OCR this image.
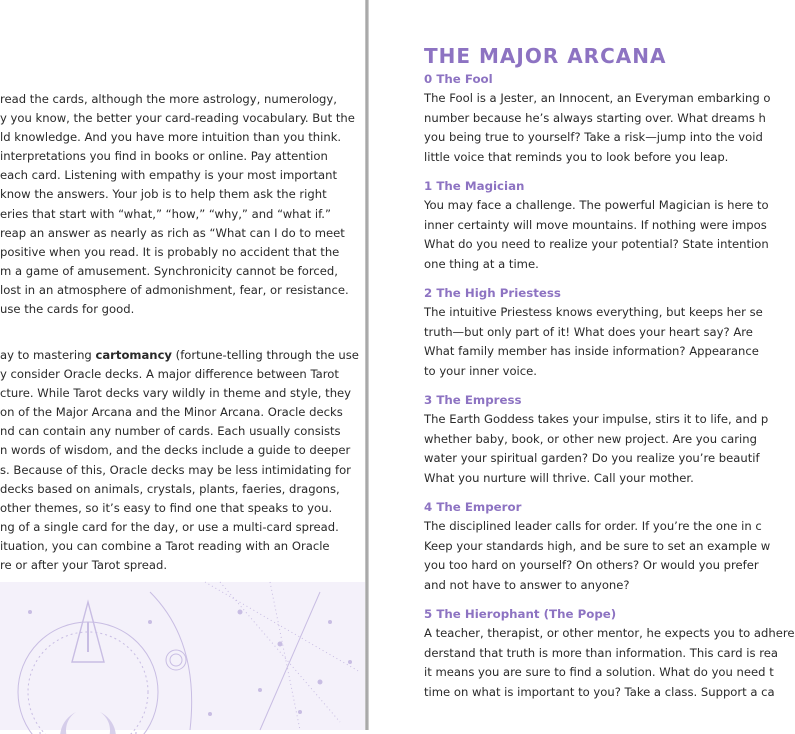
read the cards, although the more astrology, numerology,
y you know, the better your card-reading vocabulary. But the
ld knowledge. And you have more intuition than you think.
interpretations you find in books or online. Pay attention
each card. Listening with empathy is your most important
know the answers. Your job is to help them ask the right
eries that start with “what,” “how,” “why,” and “what if.”
reap an answer as nearly as rich as “What can I do to meet
positive when you read. It is probably no accident that the
m a game of amusement. Synchronicity cannot be forced,
lost in an atmosphere of admonishment, fear, or resistance.
use the cards for good.
ay to mastering cartomancy (fortune-telling through the use
y consider Oracle decks. A major difference between Tarot
cture. While Tarot decks vary wildly in theme and style, they
on of the Major Arcana and the Minor Arcana. Oracle decks
nd can contain any number of cards. Each usually consists
n words of wisdom, and the decks include a guide to deeper
s. Because of this, Oracle decks may be less intimidating for
decks based on animals, crystals, plants, faeries, dragons,
other themes, so it’s easy to find one that speaks to you.
ng of a single card for the day, or use a multi-card spread.
ituation, you can combine a Tarot reading with an Oracle
re or after your Tarot spread.
THE MAJOR ARCANA
0 The Fool
The Fool is a Jester, an Innocent, an Everyman embarking o
number because he’s always starting over. What dreams h
you being true to yourself? Take a risk—jump into the void
little voice that reminds you to look before you leap.
1 The Magician
You may face a challenge. The powerful Magician is here to
inner certainty will move mountains. If nothing were impos
What do you need to realize your potential? State intention
one thing at a time.
2 The High Priestess
The intuitive Priestess knows everything, but keeps her se
truth—but only part of it! What does your heart say? Are
What family member has inside information? Appearance
to your inner voice.
3 The Empress
The Earth Goddess takes your impulse, stirs it to life, and p
whether baby, book, or other new project. Are you caring
water your spiritual garden? Do you realize you’re beautif
What you nurture will thrive. Call your mother.
4 The Emperor
The disciplined leader calls for order. If you’re the one in c
Keep your standards high, and be sure to set an example w
you too hard on yourself? On others? Or would you prefer
and not have to answer to anyone?
5 The Hierophant (The Pope)
A teacher, therapist, or other mentor, he expects you to adhere
derstand that truth is more than information. This card is rea
it means you are sure to find a solution. What do you need t
time on what is important to you? Take a class. Support a ca
